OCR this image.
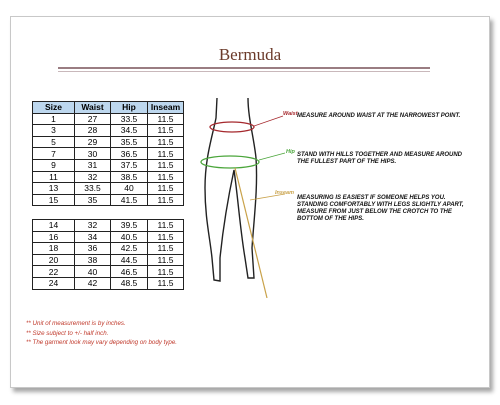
Bermuda
Size	Waist	Hip	Inseam
1	27	33.5	11.5
3	28	34.5	11.5
5	29	35.5	11.5
7	30	36.5	11.5
9	31	37.5	11.5
11	32	38.5	11.5
13	33.5	40	11.5
15	35	41.5	11.5
14	32	39.5	11.5
16	34	40.5	11.5
18	36	42.5	11.5
20	38	44.5	11.5
22	40	46.5	11.5
24	42	48.5	11.5
Waist MEASURE AROUND WAIST AT THE NARROWEST POINT.
Hip STAND WITH HILLS TOGETHER AND MEASURE AROUND THE FULLEST PART OF THE HIPS.
Inseam
MEASURING IS EASIEST IF SOMEONE HELPS YOU. STANDING COMFORTABLY WITH LEGS SLIGHTLY APART, MEASURE FROM JUST BELOW THE CROTCH TO THE BOTTOM OF THE HIPS.
** Unit of measurement is by inches.
** Size subject to +/- half inch.
** The garment look may vary depending on body type.
